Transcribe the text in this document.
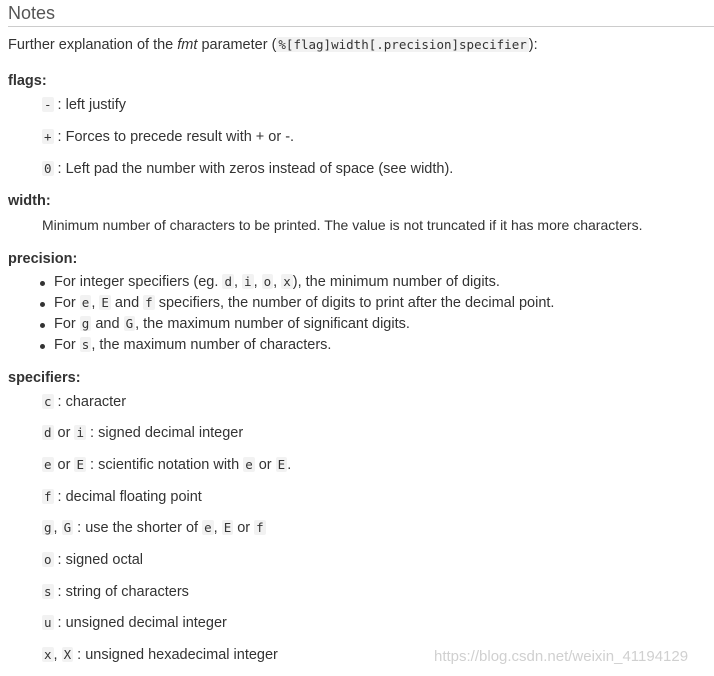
Notes
Further explanation of the fmt parameter ( %[flag]width[.precision]specifier ):
flags:
- : left justify
+ : Forces to precede result with + or -.
0 : Left pad the number with zeros instead of space (see width).
width:
Minimum number of characters to be printed. The value is not truncated if it has more characters.
precision:
For integer specifiers (eg. d , i , o , x ), the minimum number of digits.
For e , E and f specifiers, the number of digits to print after the decimal point.
For g and G , the maximum number of significant digits.
For s , the maximum number of characters.
specifiers:
c : character
d or i : signed decimal integer
e or E : scientific notation with e or E .
f : decimal floating point
g , G : use the shorter of e , E or f
o : signed octal
s : string of characters
u : unsigned decimal integer
x , X : unsigned hexadecimal integer	https://blog.csdn.net/weixin_41194129
